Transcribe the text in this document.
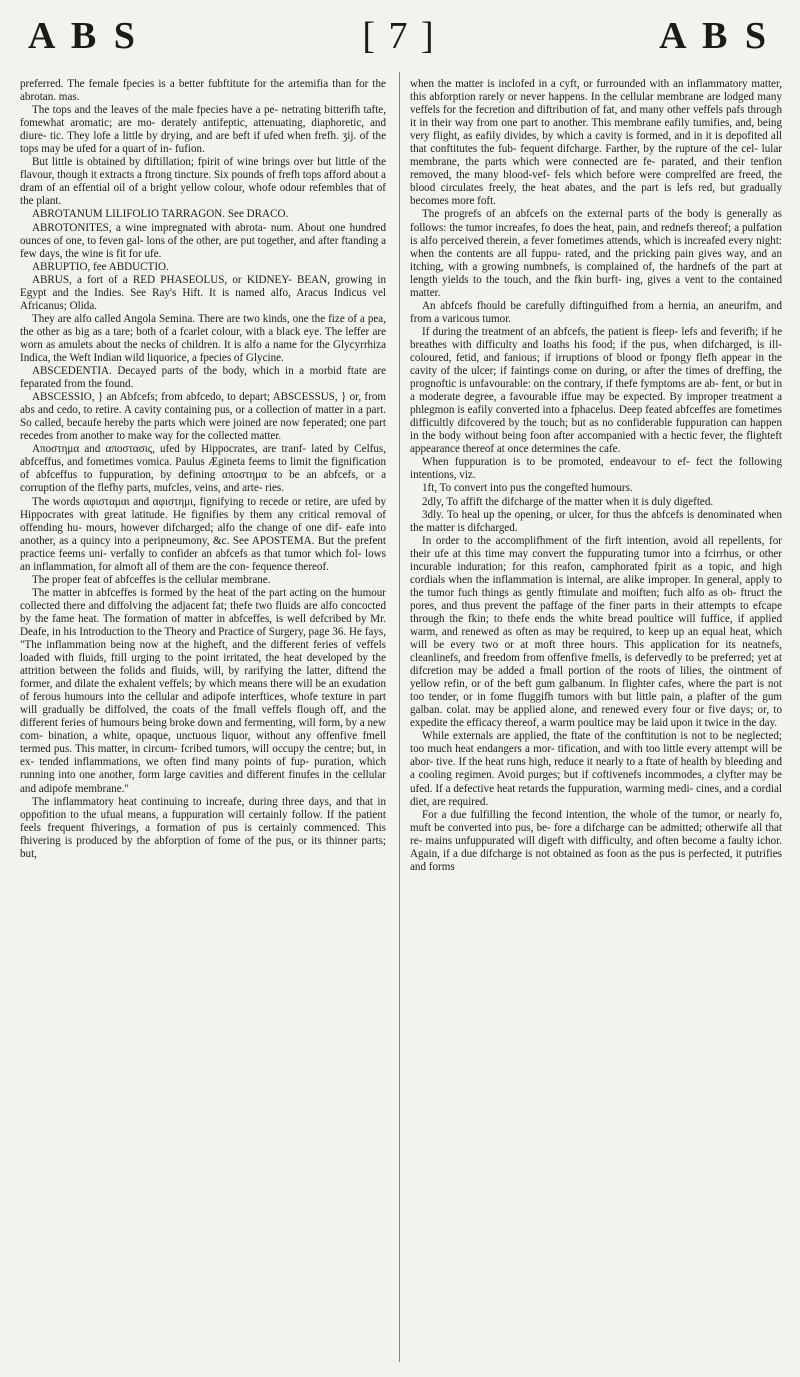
A B S	[ 7 ]	A B S

preferred. The female fpecies is a better fubftitute for the artemifia than for the abrotan. mas.

The tops and the leaves of the male fpecies have a pe- netrating bitterifh tafte, fomewhat aromatic; are mo- derately antifeptic, attenuating, diaphoretic, and diure- tic. They lofe a little by drying, and are beft if ufed when frefh. ʒij. of the tops may be ufed for a quart of in- fufion.

But little is obtained by diftillation; fpirit of wine brings over but little of the flavour, though it extracts a ftrong tincture. Six pounds of frefh tops afford about a dram of an effential oil of a bright yellow colour, whofe odour refembles that of the plant.

ABROTANUM LILIFOLIO TARRAGON. See DRACO.

ABROTONITES, a wine impregnated with abrota- num. About one hundred ounces of one, to feven gal- lons of the other, are put together, and after ftanding a few days, the wine is fit for ufe.

ABRUPTIO, fee ABDUCTIO.

ABRUS, a fort of a RED PHASEOLUS, or KIDNEY- BEAN, growing in Egypt and the Indies. See Ray's Hift. It is named alfo, Aracus Indicus vel Africanus; Olida.

They are alfo called Angola Semina. There are two kinds, one the fize of a pea, the other as big as a tare; both of a fcarlet colour, with a black eye. The leffer are worn as amulets about the necks of children. It is alfo a name for the Glycyrrhiza Indica, the Weft Indian wild liquorice, a fpecies of Glycine.

ABSCEDENTIA. Decayed parts of the body, which in a morbid ftate are feparated from the found.

ABSCESSIO, } an Abfcefs; from abfcedo, to depart; ABSCESSUS, } or, from abs and cedo, to retire. A cavity containing pus, or a collection of matter in a part. So called, becaufe hereby the parts which were joined are now feperated; one part recedes from another to make way for the collected matter.

Αποστημα and αποστασις, ufed by Hippocrates, are tranf- lated by Celfus, abfceffus, and fometimes vomica. Paulus Ægineta feems to limit the fignification of abfceffus to fuppuration, by defining αποστημα to be an abfcefs, or a corruption of the flefhy parts, mufcles, veins, and arte- ries.

The words αφισταμαι and αφιστημι, fignifying to recede or retire, are ufed by Hippocrates with great latitude. He fignifies by them any critical removal of offending hu- mours, however difcharged; alfo the change of one dif- eafe into another, as a quincy into a peripneumony, &c. See APOSTEMA. But the prefent practice feems uni- verfally to confider an abfcefs as that tumor which fol- lows an inflammation, for almoft all of them are the con- fequence thereof.

The proper feat of abfceffes is the cellular membrane.

The matter in abfceffes is formed by the heat of the part acting on the humour collected there and diffolving the adjacent fat; thefe two fluids are alfo concocted by the fame heat. The formation of matter in abfceffes, is well defcribed by Mr. Deafe, in his Introduction to the Theory and Practice of Surgery, page 36. He fays, "The inflammation being now at the higheft, and the different feries of veffels loaded with fluids, ftill urging to the point irritated, the heat developed by the attrition between the folids and fluids, will, by rarifying the latter, diftend the former, and dilate the exhalent veffels; by which means there will be an exudation of ferous humours into the cellular and adipofe interftices, whofe texture in part will gradually be diffolved, the coats of the fmall veffels flough off, and the different feries of humours being broke down and fermenting, will form, by a new com- bination, a white, opaque, unctuous liquor, without any offenfive fmell termed pus. This matter, in circum- fcribed tumors, will occupy the centre; but, in ex- tended inflammations, we often find many points of fup- puration, which running into one another, form large cavities and different finufes in the cellular and adipofe membrane."

The inflammatory heat continuing to increafe, during three days, and that in oppofition to the ufual means, a fuppuration will certainly follow. If the patient feels frequent fhiverings, a formation of pus is certainly commenced. This fhivering is produced by the abforption of fome of the pus, or its thinner parts; but,

when the matter is inclofed in a cyft, or furrounded with an inflammatory matter, this abforption rarely or never happens. In the cellular membrane are lodged many veffels for the fecretion and diftribution of fat, and many other veffels pafs through it in their way from one part to another. This membrane eafily tumifies, and, being very flight, as eafily divides, by which a cavity is formed, and in it is depofited all that conftitutes the fub- fequent difcharge. Farther, by the rupture of the cel- lular membrane, the parts which were connected are fe- parated, and their tenfion removed, the many blood-vef- fels which before were comprelfed are freed, the blood circulates freely, the heat abates, and the part is lefs red, but gradually becomes more foft.

The progrefs of an abfcefs on the external parts of the body is generally as follows: the tumor increafes, fo does the heat, pain, and rednefs thereof; a pulfation is alfo perceived therein, a fever fometimes attends, which is increafed every night: when the contents are all fuppu- rated, and the pricking pain gives way, and an itching, with a growing numbnefs, is complained of, the hardnefs of the part at length yields to the touch, and the fkin burft- ing, gives a vent to the contained matter.

An abfcefs fhould be carefully diftinguifhed from a hernia, an aneurifm, and from a varicous tumor.

If during the treatment of an abfcefs, the patient is fleep- lefs and feverifh; if he breathes with difficulty and loaths his food; if the pus, when difcharged, is ill-coloured, fetid, and fanious; if irruptions of blood or fpongy flefh appear in the cavity of the ulcer; if faintings come on during, or after the times of dreffing, the prognoftic is unfavourable: on the contrary, if thefe fymptoms are ab- fent, or but in a moderate degree, a favourable iffue may be expected. By improper treatment a phlegmon is eafily converted into a fphacelus. Deep feated abfceffes are fometimes difficultly difcovered by the touch; but as no confiderable fuppuration can happen in the body without being foon after accompanied with a hectic fever, the flighteft appearance thereof at once determines the cafe.

When fuppuration is to be promoted, endeavour to ef- fect the following intentions, viz.

1ft, To convert into pus the congefted humours.

2dly, To affift the difcharge of the matter when it is duly digefted.

3dly. To heal up the opening, or ulcer, for thus the abfcefs is denominated when the matter is difcharged.

In order to the accomplifhment of the firft intention, avoid all repellents, for their ufe at this time may convert the fuppurating tumor into a fcirrhus, or other incurable induration; for this reafon, camphorated fpirit as a topic, and high cordials when the inflammation is internal, are alike improper. In general, apply to the tumor fuch things as gently ftimulate and moiften; fuch alfo as ob- ftruct the pores, and thus prevent the paffage of the finer parts in their attempts to efcape through the fkin; to thefe ends the white bread poultice will fuffice, if applied warm, and renewed as often as may be required, to keep up an equal heat, which will be every two or at moft three hours. This application for its neatnefs, cleanlinefs, and freedom from offenfive fmells, is defervedly to be preferred; yet at difcretion may be added a fmall portion of the roots of lilies, the ointment of yellow refin, or of the beft gum galbanum. In flighter cafes, where the part is not too tender, or in fome fluggifh tumors with but little pain, a plafter of the gum galban. colat. may be applied alone, and renewed every four or five days; or, to expedite the efficacy thereof, a warm poultice may be laid upon it twice in the day.

While externals are applied, the ftate of the conftitution is not to be neglected; too much heat endangers a mor- tification, and with too little every attempt will be abor- tive. If the heat runs high, reduce it nearly to a ftate of health by bleeding and a cooling regimen. Avoid purges; but if coftivenefs incommodes, a clyfter may be ufed. If a defective heat retards the fuppuration, warming medi- cines, and a cordial diet, are required.

For a due fulfilling the fecond intention, the whole of the tumor, or nearly fo, muft be converted into pus, be- fore a difcharge can be admitted; otherwife all that re- mains unfuppurated will digeft with difficulty, and often become a faulty ichor. Again, if a due difcharge is not obtained as foon as the pus is perfected, it putrifies and forms
